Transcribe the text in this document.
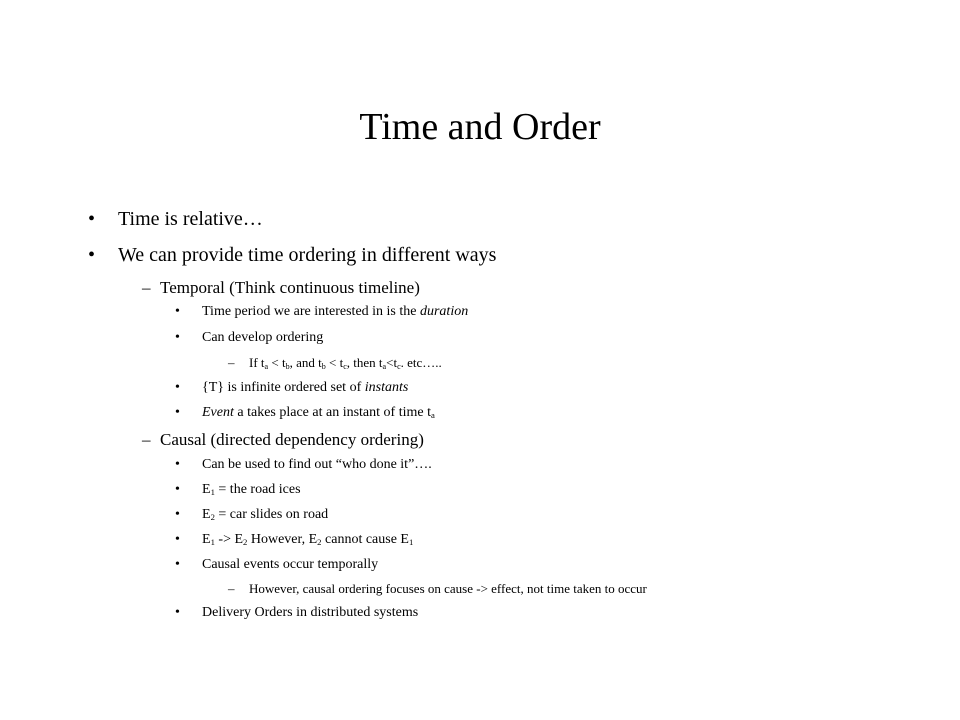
Time and Order
• Time is relative…
• We can provide time ordering in different ways
– Temporal (Think continuous timeline)
• Time period we are interested in is the duration
• Can develop ordering
– If $t_a < t_b$, and $t_b < t_c$, then $t_a<t_c$. etc…..
• {T} is infinite ordered set of instants
• Event a takes place at an instant of time $t_a$
– Causal (directed dependency ordering)
• Can be used to find out “who done it”….
• $E_1$ = the road ices
• $E_2$ = car slides on road
• $E_1 -> E_2$ However, $E_2$ cannot cause $E_1$
• Causal events occur temporally
– However, causal ordering focuses on cause -> effect, not time taken to occur
• Delivery Orders in distributed systems
